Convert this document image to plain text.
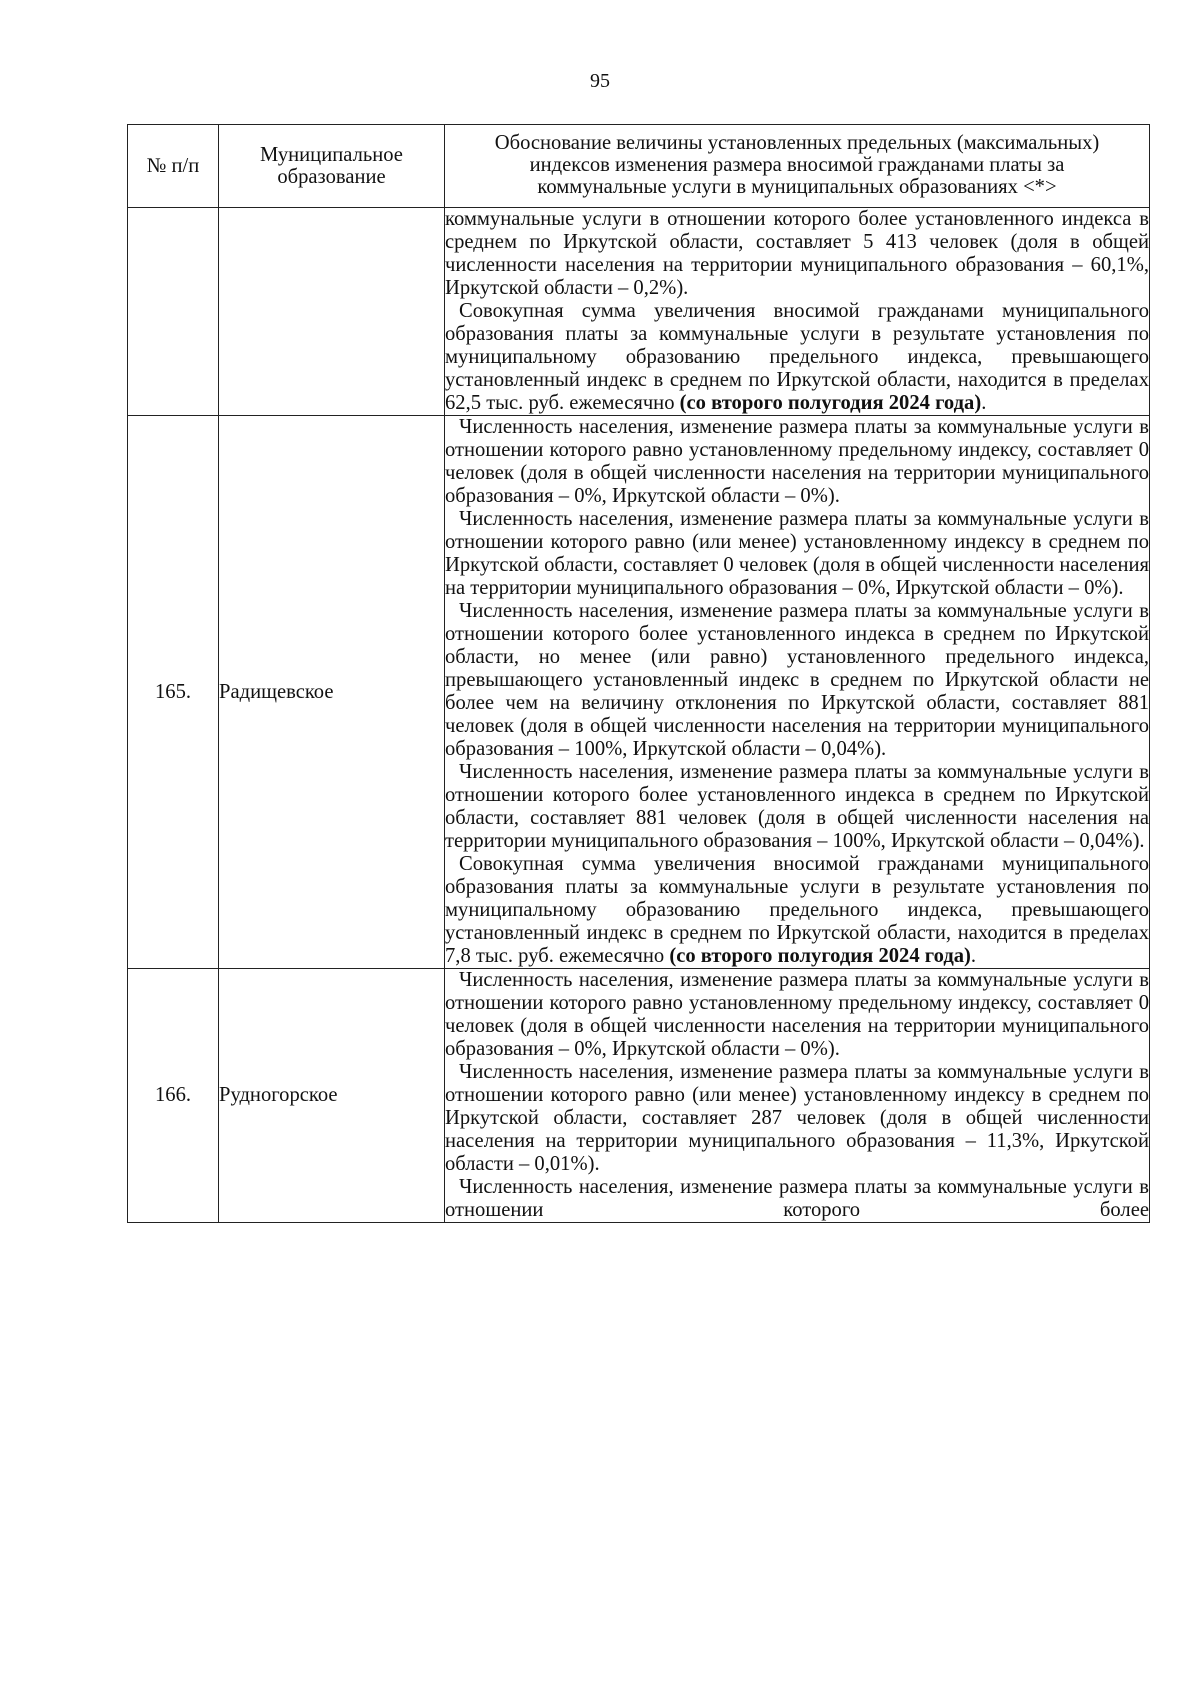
95
№ п/п	Муниципальное образование	Обоснование величины установленных предельных (максимальных) индексов изменения размера вносимой гражданами платы за коммунальные услуги в муниципальных образованиях <*>

		коммунальные услуги в отношении которого более установленного индекса в среднем по Иркутской области, составляет 5 413 человек (доля в общей численности населения на территории муниципального образования – 60,1%, Иркутской области – 0,2%).

Совокупная сумма увеличения вносимой гражданами муниципального образования платы за коммунальные услуги в результате установления по муниципальному образованию предельного индекса, превышающего установленный индекс в среднем по Иркутской области, находится в пределах 62,5 тыс. руб. ежемесячно (со второго полугодия 2024 года).

165.	Радищевское	Численность населения, изменение размера платы за коммунальные услуги в отношении которого равно установленному предельному индексу, составляет 0 человек (доля в общей численности населения на территории муниципального образования – 0%, Иркутской области – 0%).

Численность населения, изменение размера платы за коммунальные услуги в отношении которого равно (или менее) установленному индексу в среднем по Иркутской области, составляет 0 человек (доля в общей численности населения на территории муниципального образования – 0%, Иркутской области – 0%).

Численность населения, изменение размера платы за коммунальные услуги в отношении которого более установленного индекса в среднем по Иркутской области, но менее (или равно) установленного предельного индекса, превышающего установленный индекс в среднем по Иркутской области не более чем на величину отклонения по Иркутской области, составляет 881 человек (доля в общей численности населения на территории муниципального образования – 100%, Иркутской области – 0,04%).

Численность населения, изменение размера платы за коммунальные услуги в отношении которого более установленного индекса в среднем по Иркутской области, составляет 881 человек (доля в общей численности населения на территории муниципального образования – 100%, Иркутской области – 0,04%).

Совокупная сумма увеличения вносимой гражданами муниципального образования платы за коммунальные услуги в результате установления по муниципальному образованию предельного индекса, превышающего установленный индекс в среднем по Иркутской области, находится в пределах 7,8 тыс. руб. ежемесячно (со второго полугодия 2024 года).

166.	Рудногорское	Численность населения, изменение размера платы за коммунальные услуги в отношении которого равно установленному предельному индексу, составляет 0 человек (доля в общей численности населения на территории муниципального образования – 0%, Иркутской области – 0%).

Численность населения, изменение размера платы за коммунальные услуги в отношении которого равно (или менее) установленному индексу в среднем по Иркутской области, составляет 287 человек (доля в общей численности населения на территории муниципального образования – 11,3%, Иркутской области – 0,01%).

Численность населения, изменение размера платы за коммунальные услуги в отношении которого более
